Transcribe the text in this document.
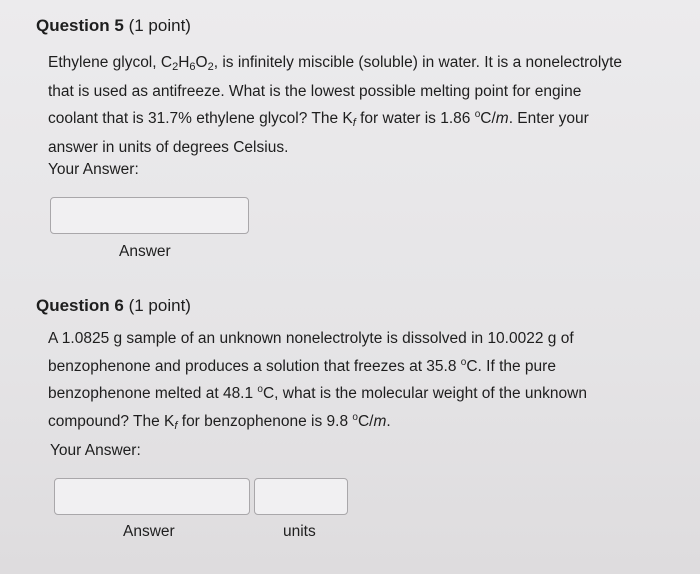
Question 5 (1 point)
Ethylene glycol, $C_2H_6O_2$, is infinitely miscible (soluble) in water. It is a nonelectrolyte
that is used as antifreeze. What is the lowest possible melting point for engine
coolant that is 31.7% ethylene glycol? The $K_f$ for water is 1.86 $^o$C/m. Enter your
answer in units of degrees Celsius.
Your Answer:
Answer
Question 6 (1 point)
A 1.0825 g sample of an unknown nonelectrolyte is dissolved in 10.0022 g of
benzophenone and produces a solution that freezes at 35.8 $^o$C. If the pure
benzophenone melted at 48.1 $^o$C, what is the molecular weight of the unknown
compound? The $K_f$ for benzophenone is 9.8 $^o$C/m.
Your Answer:
Answer	units
